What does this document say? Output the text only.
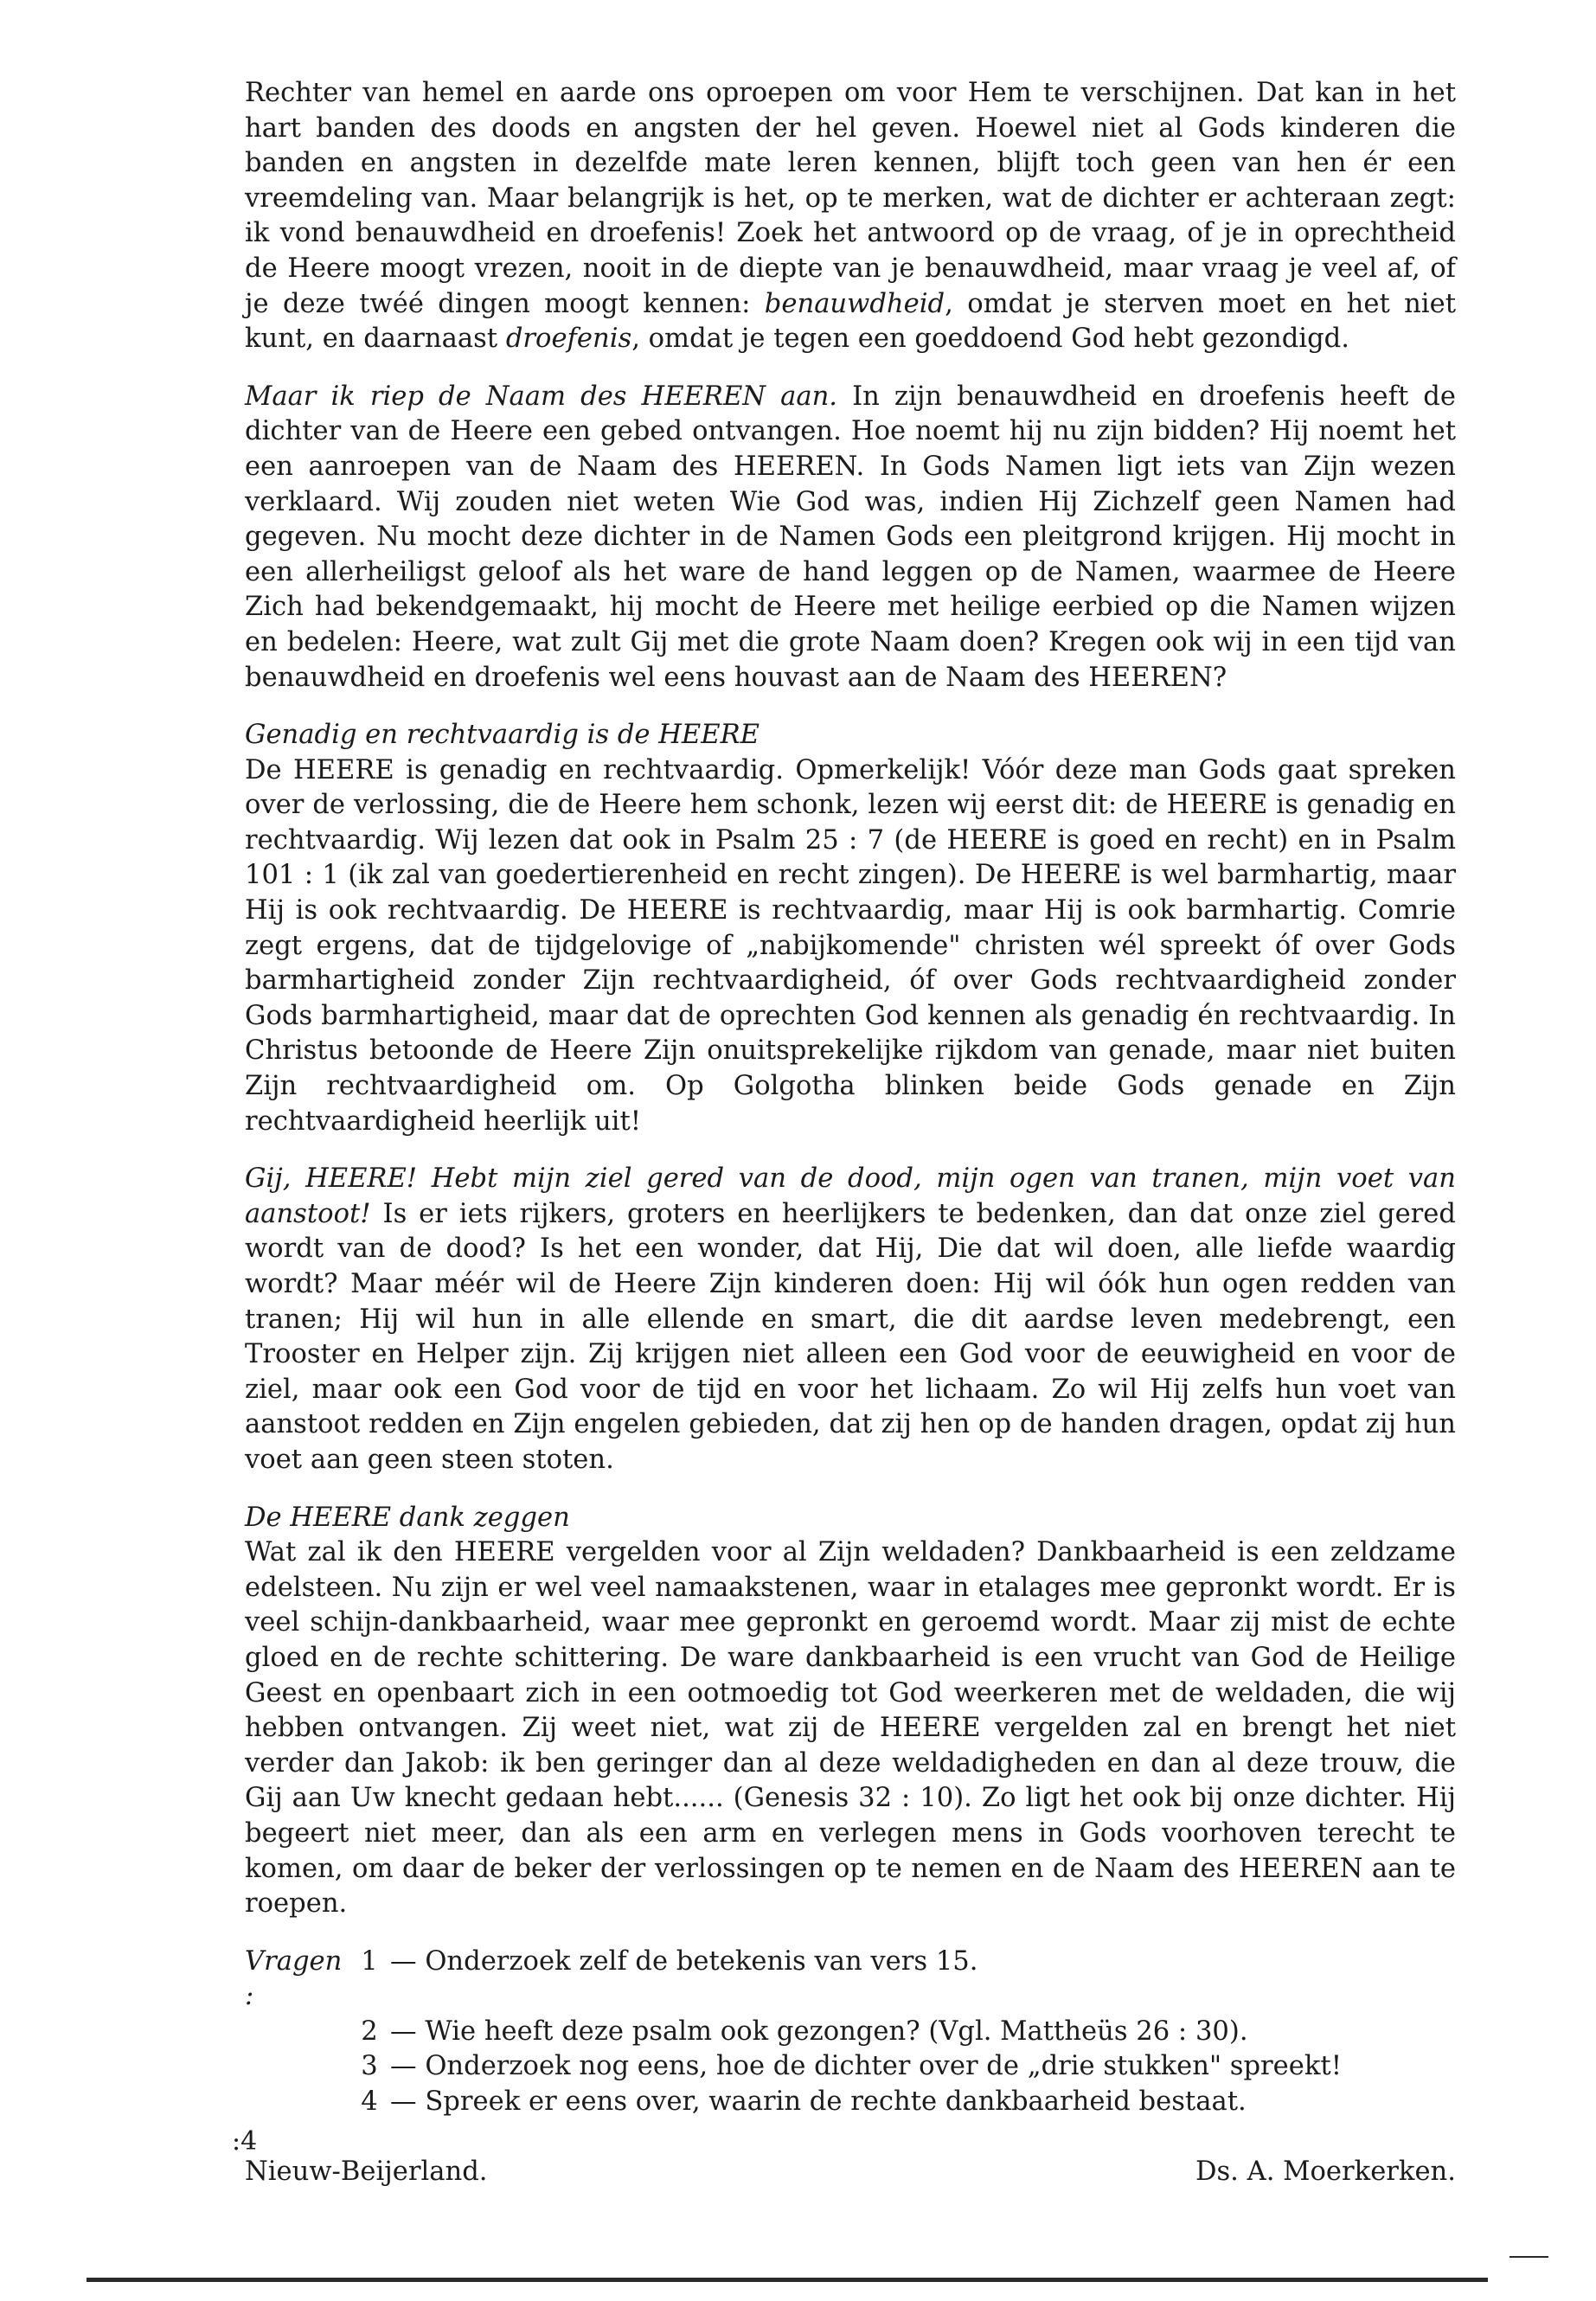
Rechter van hemel en aarde ons oproepen om voor Hem te verschijnen. Dat kan in het hart banden des doods en angsten der hel geven. Hoewel niet al Gods kinderen die banden en angsten in dezelfde mate leren kennen, blijft toch geen van hen ér een vreemdeling van. Maar belangrijk is het, op te merken, wat de dichter er achteraan zegt: ik vond benauwdheid en droefenis! Zoek het antwoord op de vraag, of je in oprechtheid de Heere moogt vrezen, nooit in de diepte van je benauwdheid, maar vraag je veel af, of je deze twéé dingen moogt kennen: benauwdheid, omdat je sterven moet en het niet kunt, en daarnaast droefenis, omdat je tegen een goeddoend God hebt gezondigd.

Maar ik riep de Naam des HEEREN aan. In zijn benauwdheid en droefenis heeft de dichter van de Heere een gebed ontvangen. Hoe noemt hij nu zijn bidden? Hij noemt het een aanroepen van de Naam des HEEREN. In Gods Namen ligt iets van Zijn wezen verklaard. Wij zouden niet weten Wie God was, indien Hij Zichzelf geen Namen had gegeven. Nu mocht deze dichter in de Namen Gods een pleitgrond krijgen. Hij mocht in een allerheiligst geloof als het ware de hand leggen op de Namen, waarmee de Heere Zich had bekendgemaakt, hij mocht de Heere met heilige eerbied op die Namen wijzen en bedelen: Heere, wat zult Gij met die grote Naam doen? Kregen ook wij in een tijd van benauwdheid en droefenis wel eens houvast aan de Naam des HEEREN?

Genadig en rechtvaardig is de HEERE
De HEERE is genadig en rechtvaardig. Opmerkelijk! Vóór deze man Gods gaat spreken over de verlossing, die de Heere hem schonk, lezen wij eerst dit: de HEERE is genadig en rechtvaardig. Wij lezen dat ook in Psalm 25 : 7 (de HEERE is goed en recht) en in Psalm 101 : 1 (ik zal van goedertierenheid en recht zingen). De HEERE is wel barmhartig, maar Hij is ook rechtvaardig. De HEERE is rechtvaardig, maar Hij is ook barmhartig. Comrie zegt ergens, dat de tijdgelovige of „nabijkomende" christen wél spreekt óf over Gods barmhartigheid zonder Zijn rechtvaardigheid, óf over Gods rechtvaardigheid zonder Gods barmhartigheid, maar dat de oprechten God kennen als genadig én rechtvaardig. In Christus betoonde de Heere Zijn onuitsprekelijke rijkdom van genade, maar niet buiten Zijn rechtvaardigheid om. Op Golgotha blinken beide Gods genade en Zijn rechtvaardigheid heerlijk uit!

Gij, HEERE! Hebt mijn ziel gered van de dood, mijn ogen van tranen, mijn voet van aanstoot! Is er iets rijkers, groters en heerlijkers te bedenken, dan dat onze ziel gered wordt van de dood? Is het een wonder, dat Hij, Die dat wil doen, alle liefde waardig wordt? Maar méér wil de Heere Zijn kinderen doen: Hij wil óók hun ogen redden van tranen; Hij wil hun in alle ellende en smart, die dit aardse leven medebrengt, een Trooster en Helper zijn. Zij krijgen niet alleen een God voor de eeuwigheid en voor de ziel, maar ook een God voor de tijd en voor het lichaam. Zo wil Hij zelfs hun voet van aanstoot redden en Zijn engelen gebieden, dat zij hen op de handen dragen, opdat zij hun voet aan geen steen stoten.

De HEERE dank zeggen
Wat zal ik den HEERE vergelden voor al Zijn weldaden? Dankbaarheid is een zeldzame edelsteen. Nu zijn er wel veel namaakstenen, waar in etalages mee gepronkt wordt. Er is veel schijn-dankbaarheid, waar mee gepronkt en geroemd wordt. Maar zij mist de echte gloed en de rechte schittering. De ware dankbaarheid is een vrucht van God de Heilige Geest en openbaart zich in een ootmoedig tot God weerkeren met de weldaden, die wij hebben ontvangen. Zij weet niet, wat zij de HEERE vergelden zal en brengt het niet verder dan Jakob: ik ben geringer dan al deze weldadigheden en dan al deze trouw, die Gij aan Uw knecht gedaan hebt...... (Genesis 32 : 10). Zo ligt het ook bij onze dichter. Hij begeert niet meer, dan als een arm en verlegen mens in Gods voorhoven terecht te komen, om daar de beker der verlossingen op te nemen en de Naam des HEEREN aan te roepen.

Vragen :
1 — Onderzoek zelf de betekenis van vers 15.
2 — Wie heeft deze psalm ook gezongen? (Vgl. Mattheüs 26 : 30).
3 — Onderzoek nog eens, hoe de dichter over de „drie stukken" spreekt!
4 — Spreek er eens over, waarin de rechte dankbaarheid bestaat.
Nieuw-Beijerland.	Ds. A. Moerkerken.
:4
